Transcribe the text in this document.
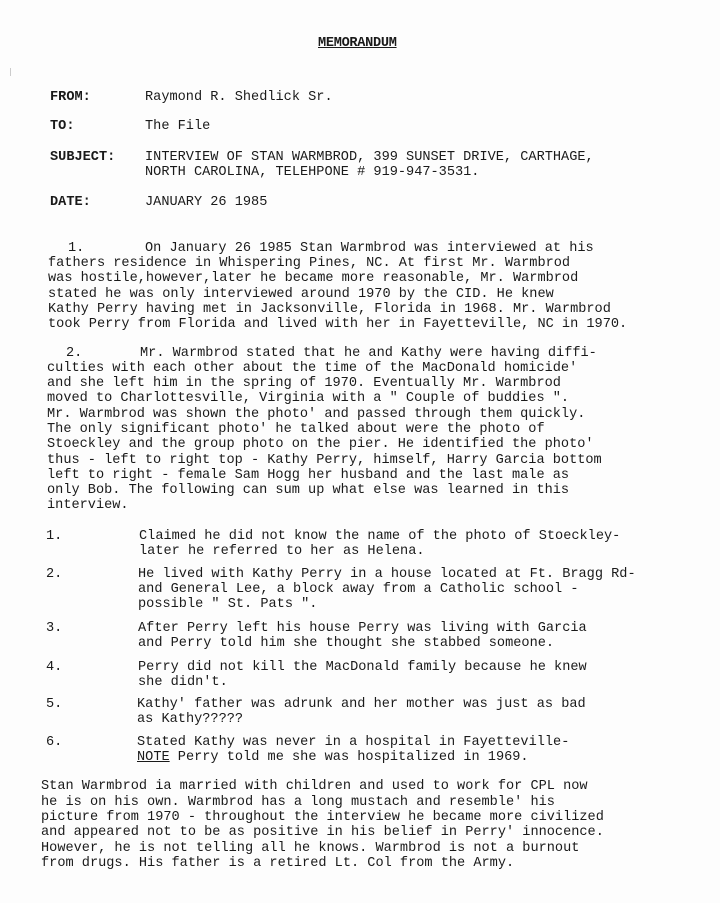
MEMORANDUM
FROM:	Raymond R. Shedlick Sr.
TO:	The File
SUBJECT: INTERVIEW OF STAN WARMBROD, 399 SUNSET DRIVE, CARTHAGE,
NORTH CAROLINA, TELEHPONE # 919-947-3531.
DATE:	JANUARY 26 1985
1.	On January 26 1985 Stan Warmbrod was interviewed at his
fathers residence in Whispering Pines, NC. At first Mr. Warmbrod
was hostile,however,later he became more reasonable, Mr. Warmbrod
stated he was only interviewed around 1970 by the CID. He knew
Kathy Perry having met in Jacksonville, Florida in 1968. Mr. Warmbrod
took Perry from Florida and lived with her in Fayetteville, NC in 1970.
2.	Mr. Warmbrod stated that he and Kathy were having diffi-
culties with each other about the time of the MacDonald homicide'
and she left him in the spring of 1970. Eventually Mr. Warmbrod
moved to Charlottesville, Virginia with a " Couple of buddies ".
Mr. Warmbrod was shown the photo' and passed through them quickly.
The only significant photo' he talked about were the photo of
Stoeckley and the group photo on the pier. He identified the photo'
thus - left to right top - Kathy Perry, himself, Harry Garcia bottom
left to right - female Sam Hogg her husband and the last male as
only Bob. The following can sum up what else was learned in this
interview.
1.	Claimed he did not know the name of the photo of Stoeckley-
later he referred to her as Helena.
2.	He lived with Kathy Perry in a house located at Ft. Bragg Rd-
and General Lee, a block away from a Catholic school -
possible " St. Pats ".
3.	After Perry left his house Perry was living with Garcia
and Perry told him she thought she stabbed someone.
4.	Perry did not kill the MacDonald family because he knew
she didn't.
5.	Kathy' father was adrunk and her mother was just as bad
as Kathy?????
6.	Stated Kathy was never in a hospital in Fayetteville-
NOTE Perry told me she was hospitalized in 1969.
Stan Warmbrod ia married with children and used to work for CPL now
he is on his own. Warmbrod has a long mustach and resemble' his
picture from 1970 - throughout the interview he became more civilized
and appeared not to be as positive in his belief in Perry' innocence.
However, he is not telling all he knows. Warmbrod is not a burnout
from drugs. His father is a retired Lt. Col from the Army.
